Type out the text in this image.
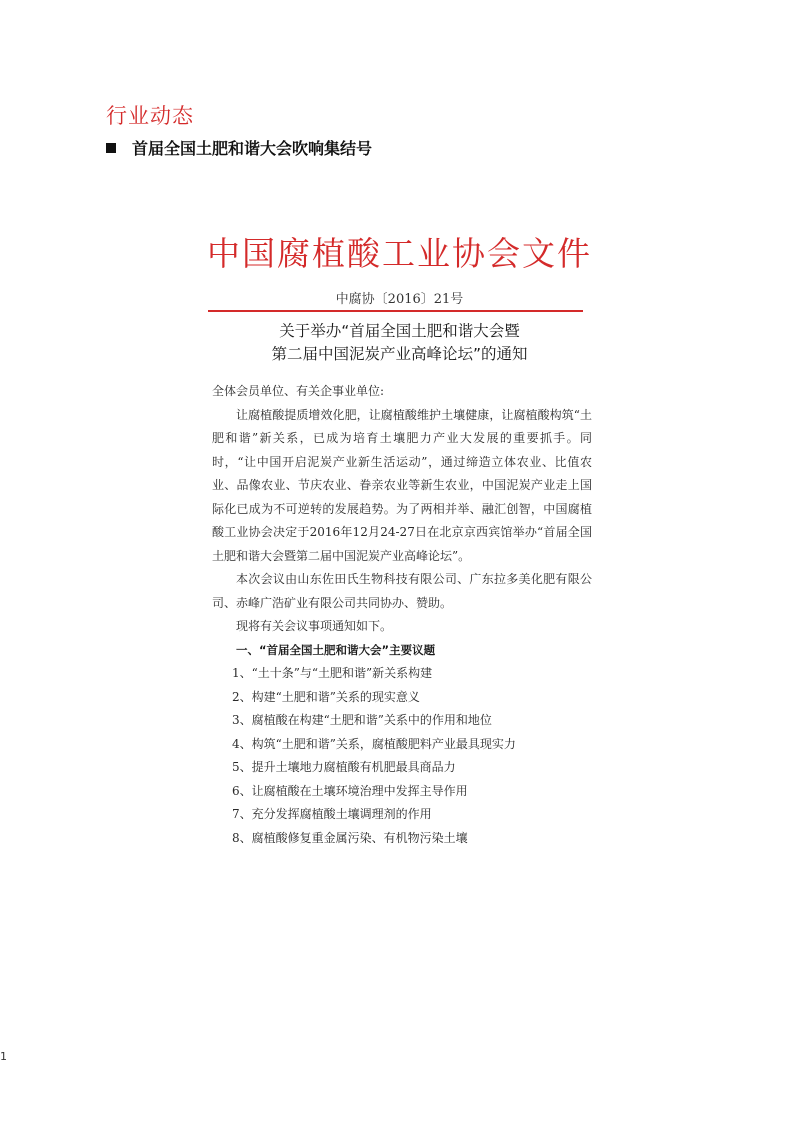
行业动态
首届全国土肥和谐大会吹响集结号
中国腐植酸工业协会文件
中腐协〔2016〕21号
关于举办“首届全国土肥和谐大会暨
第二届中国泥炭产业高峰论坛”的通知

全体会员单位、有关企事业单位:

让腐植酸提质增效化肥，让腐植酸维护土壤健康，让腐植酸构筑“土肥和谐”新关系，已成为培育土壤肥力产业大发展的重要抓手。同时，“让中国开启泥炭产业新生活运动”，通过缔造立体农业、比值农业、品像农业、节庆农业、眷亲农业等新生农业，中国泥炭产业走上国际化已成为不可逆转的发展趋势。为了两相并举、融汇创智，中国腐植酸工业协会决定于2016年12月24-27日在北京京西宾馆举办“首届全国土肥和谐大会暨第二届中国泥炭产业高峰论坛”。

本次会议由山东佐田氏生物科技有限公司、广东拉多美化肥有限公司、赤峰广浩矿业有限公司共同协办、赞助。

现将有关会议事项通知如下。

一、“首届全国土肥和谐大会”主要议题

1、“土十条”与“土肥和谐”新关系构建
2、构建“土肥和谐”关系的现实意义
3、腐植酸在构建“土肥和谐”关系中的作用和地位
4、构筑“土肥和谐”关系，腐植酸肥料产业最具现实力
5、提升土壤地力腐植酸有机肥最具商品力
6、让腐植酸在土壤环境治理中发挥主导作用
7、充分发挥腐植酸土壤调理剂的作用
8、腐植酸修复重金属污染、有机物污染土壤
1
